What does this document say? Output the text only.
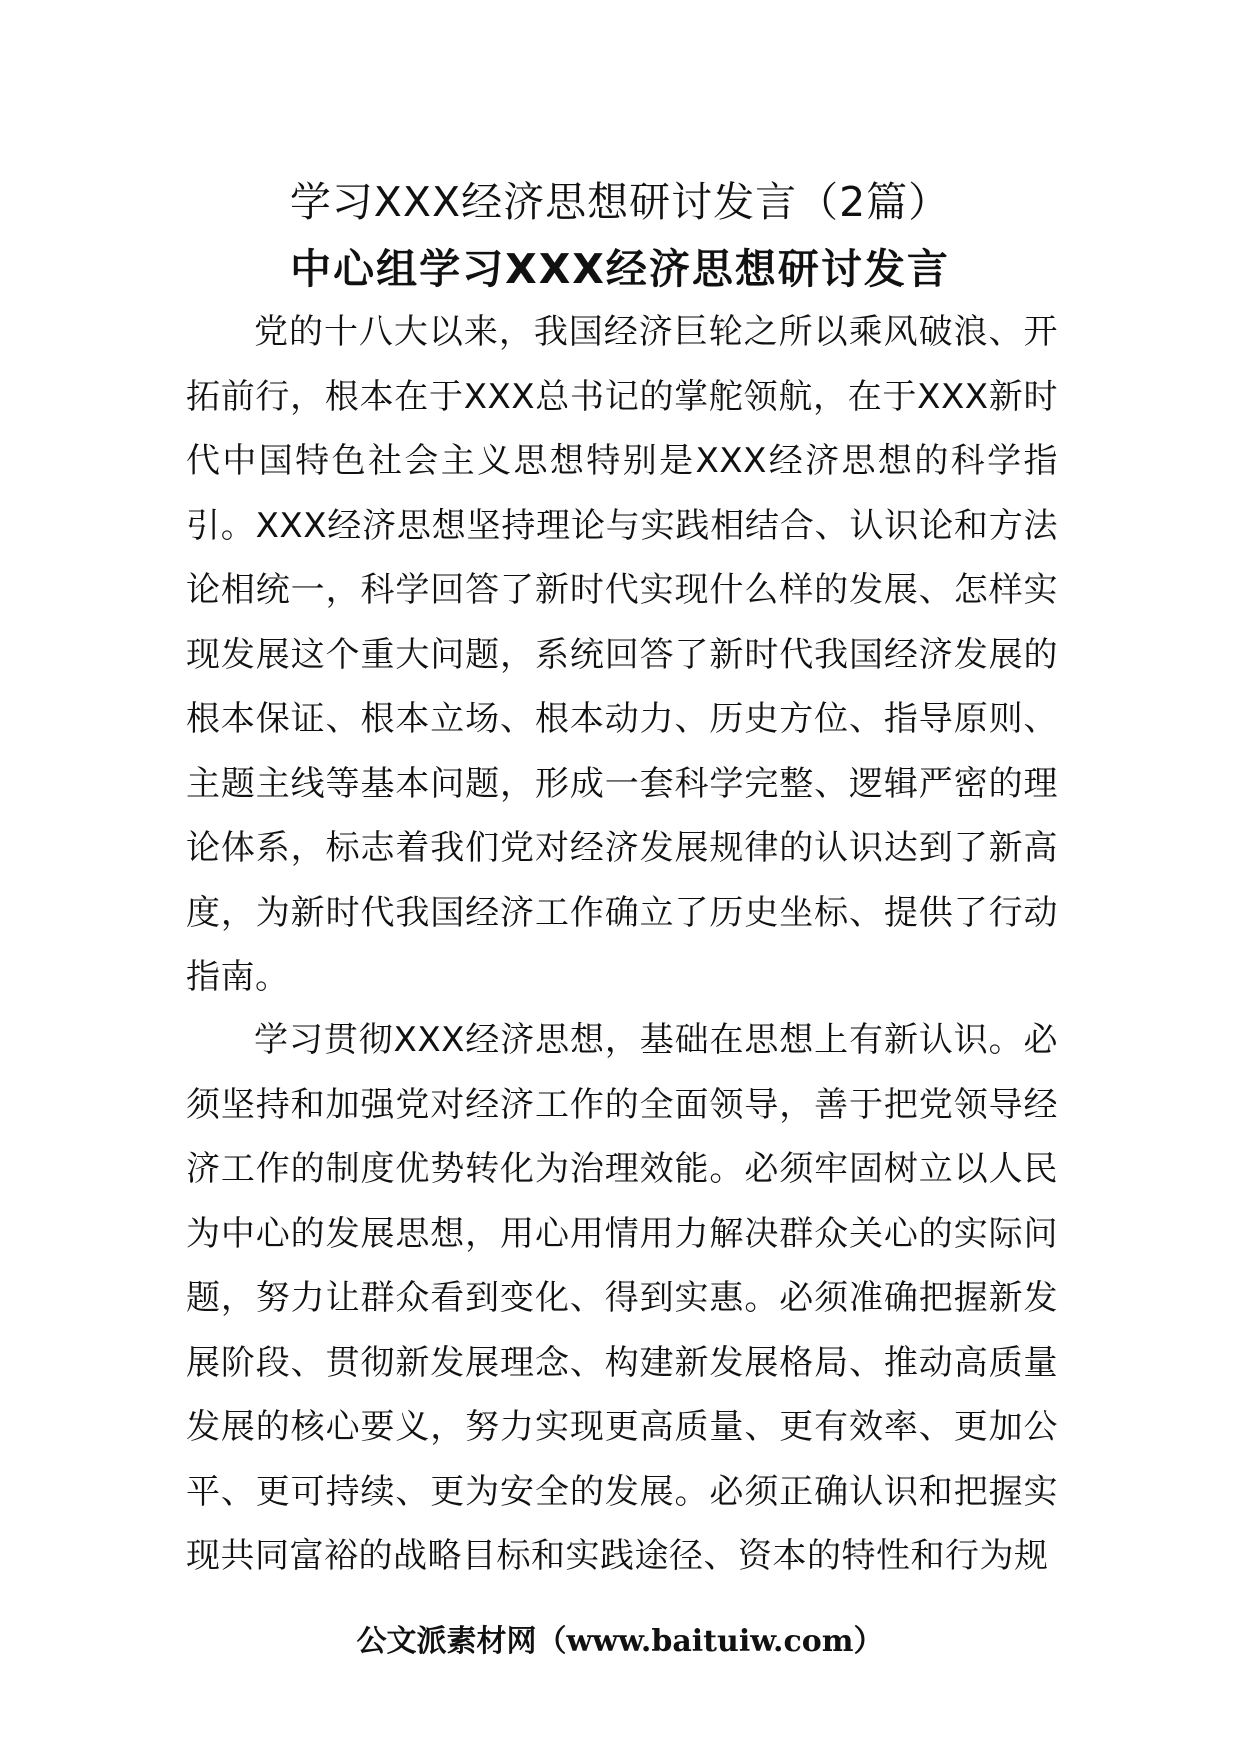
学习XXX经济思想研讨发言（2篇）
中心组学习XXX经济思想研讨发言

党的十八大以来，我国经济巨轮之所以乘风破浪、开拓前行，根本在于XXX总书记的掌舵领航，在于XXX新时代中国特色社会主义思想特别是XXX经济思想的科学指引。XXX经济思想坚持理论与实践相结合、认识论和方法论相统一，科学回答了新时代实现什么样的发展、怎样实现发展这个重大问题，系统回答了新时代我国经济发展的根本保证、根本立场、根本动力、历史方位、指导原则、主题主线等基本问题，形成一套科学完整、逻辑严密的理论体系，标志着我们党对经济发展规律的认识达到了新高度，为新时代我国经济工作确立了历史坐标、提供了行动指南。

学习贯彻XXX经济思想，基础在思想上有新认识。必须坚持和加强党对经济工作的全面领导，善于把党领导经济工作的制度优势转化为治理效能。必须牢固树立以人民为中心的发展思想，用心用情用力解决群众关心的实际问题，努力让群众看到变化、得到实惠。必须准确把握新发展阶段、贯彻新发展理念、构建新发展格局、推动高质量发展的核心要义，努力实现更高质量、更有效率、更加公平、更可持续、更为安全的发展。必须正确认识和把握实现共同富裕的战略目标和实践途径、资本的特性和行为规

公文派素材网（www.baituiw.com）
